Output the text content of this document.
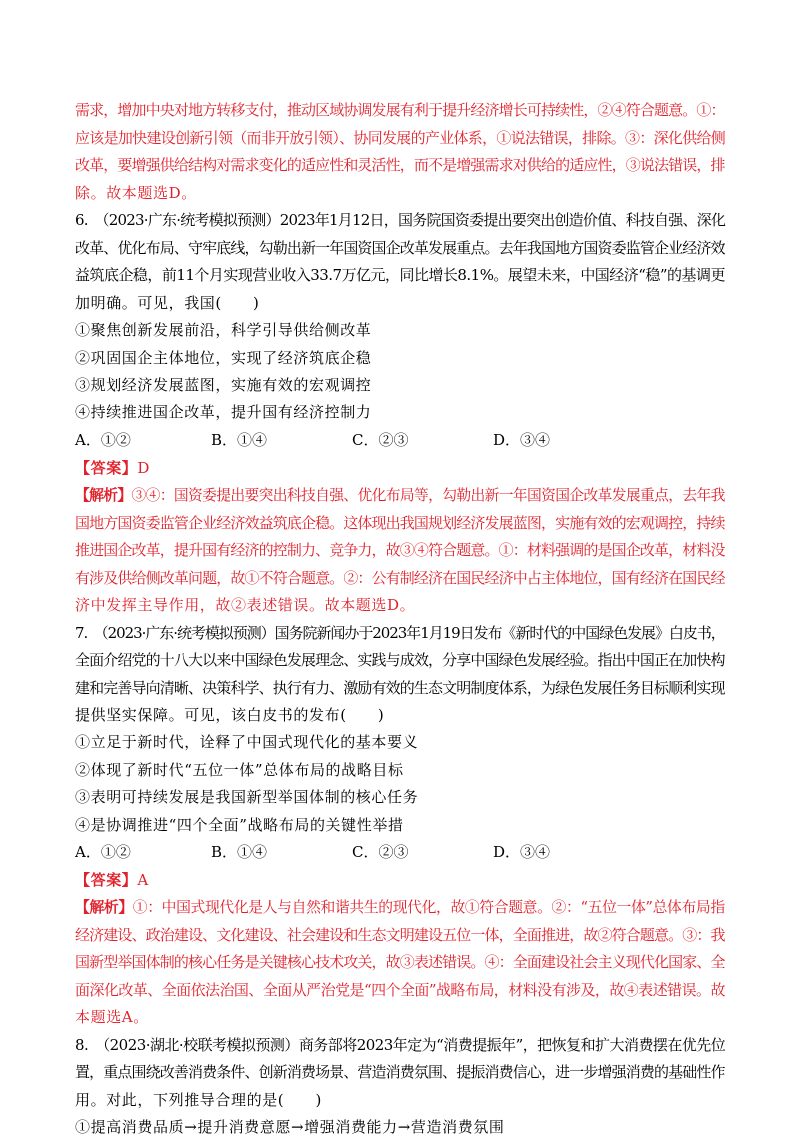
需求，增加中央对地方转移支付，推动区域协调发展有利于提升经济增长可持续性，②④符合题意。①：
应该是加快建设创新引领（而非开放引领）、协同发展的产业体系，①说法错误，排除。③：深化供给侧
改革，要增强供给结构对需求变化的适应性和灵活性，而不是增强需求对供给的适应性，③说法错误，排
除。故本题选D。
6.　（2023·广东·统考模拟预测）2023年1月12日，国务院国资委提出要突出创造价值、科技自强、深化
改革、优化布局、守牢底线，勾勒出新一年国资国企改革发展重点。去年我国地方国资委监管企业经济效
益筑底企稳，前11个月实现营业收入33.7万亿元，同比增长8.1%。展望未来，中国经济“稳”的基调更
加明确。可见，我国(　　)
①聚焦创新发展前沿，科学引导供给侧改革
②巩固国企主体地位，实现了经济筑底企稳
③规划经济发展蓝图，实施有效的宏观调控
④持续推进国企改革，提升国有经济控制力
A．①②	B．①④	C．②③	D．③④
【答案】D
【解析】③④：国资委提出要突出科技自强、优化布局等，勾勒出新一年国资国企改革发展重点，去年我
国地方国资委监管企业经济效益筑底企稳。这体现出我国规划经济发展蓝图，实施有效的宏观调控，持续
推进国企改革，提升国有经济的控制力、竞争力，故③④符合题意。①：材料强调的是国企改革，材料没
有涉及供给侧改革问题，故①不符合题意。②：公有制经济在国民经济中占主体地位，国有经济在国民经
济中发挥主导作用，故②表述错误。故本题选D。
7.　（2023·广东·统考模拟预测）国务院新闻办于2023年1月19日发布《新时代的中国绿色发展》白皮书，
全面介绍党的十八大以来中国绿色发展理念、实践与成效，分享中国绿色发展经验。指出中国正在加快构
建和完善导向清晰、决策科学、执行有力、激励有效的生态文明制度体系，为绿色发展任务目标顺利实现
提供坚实保障。可见，该白皮书的发布(　　)
①立足于新时代，诠释了中国式现代化的基本要义
②体现了新时代“五位一体”总体布局的战略目标
③表明可持续发展是我国新型举国体制的核心任务
④是协调推进“四个全面”战略布局的关键性举措
A．①②	B．①④	C．②③	D．③④
【答案】A
【解析】①：中国式现代化是人与自然和谐共生的现代化，故①符合题意。②：“五位一体”总体布局指
经济建设、政治建设、文化建设、社会建设和生态文明建设五位一体，全面推进，故②符合题意。③：我
国新型举国体制的核心任务是关键核心技术攻关，故③表述错误。④：全面建设社会主义现代化国家、全
面深化改革、全面依法治国、全面从严治党是“四个全面”战略布局，材料没有涉及，故④表述错误。故
本题选A。
8.　（2023·湖北·校联考模拟预测）商务部将2023年定为“消费提振年”，把恢复和扩大消费摆在优先位
置，重点围绕改善消费条件、创新消费场景、营造消费氛围、提振消费信心，进一步增强消费的基础性作
用。对此，下列推导合理的是(　　)
①提高消费品质→提升消费意愿→增强消费能力→营造消费氛围
